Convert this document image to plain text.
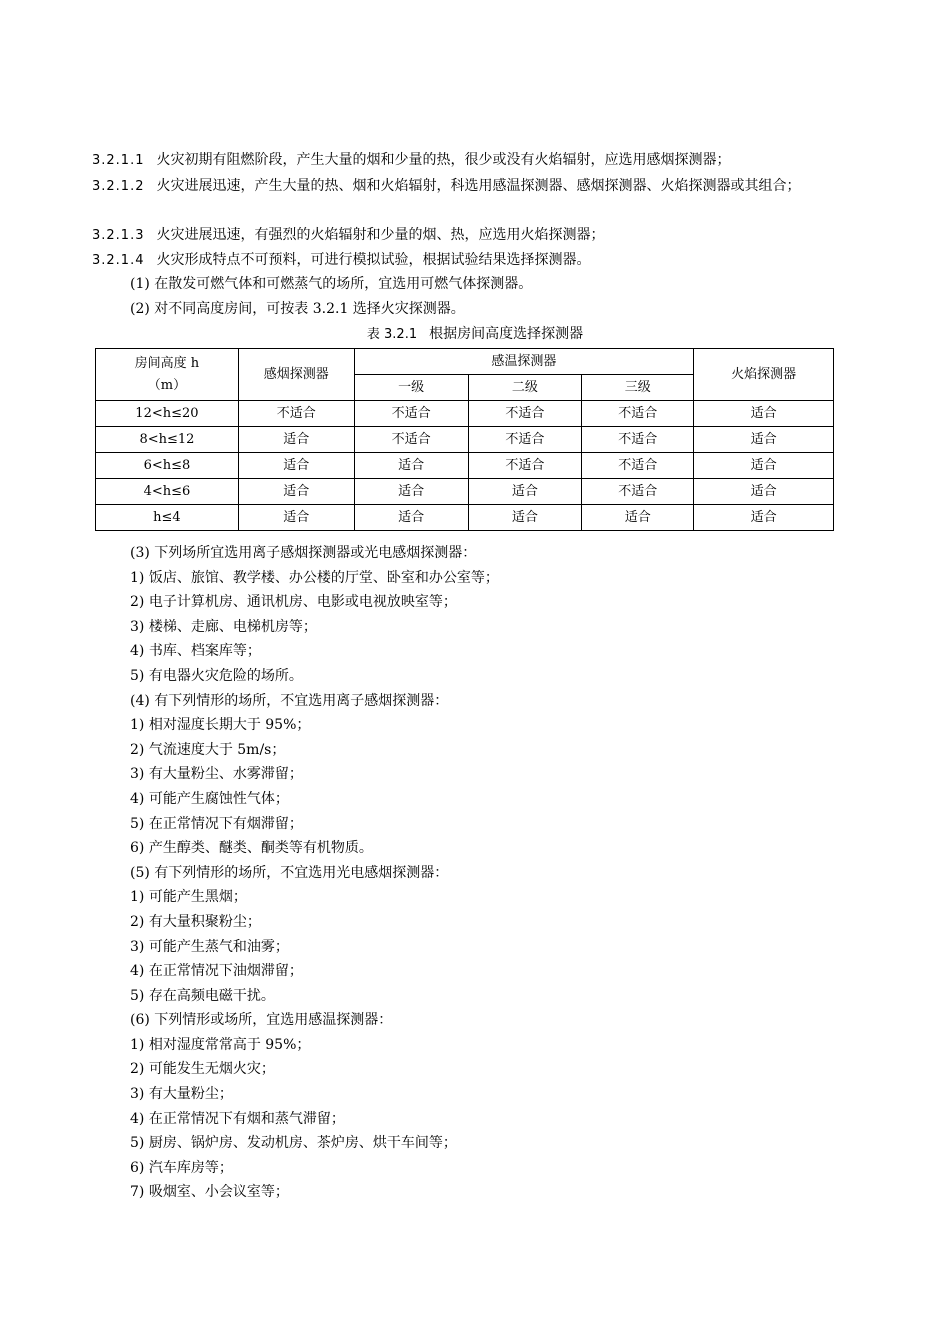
3.2.1.1 火灾初期有阻燃阶段，产生大量的烟和少量的热，很少或没有火焰辐射，应选用感烟探测器；
3.2.1.2 火灾进展迅速，产生大量的热、烟和火焰辐射，科选用感温探测器、感烟探测器、火焰探测器或其组合；
3.2.1.3 火灾进展迅速，有强烈的火焰辐射和少量的烟、热，应选用火焰探测器；
3.2.1.4 火灾形成特点不可预料，可进行模拟试验，根据试验结果选择探测器。
(1) 在散发可燃气体和可燃蒸气的场所，宜选用可燃气体探测器。
(2) 对不同高度房间，可按表 3.2.1 选择火灾探测器。
表 3.2.1 根据房间高度选择探测器
房间高度 h
（m）	感烟探测器	感温探测器			火焰探测器
		一级	二级	三级	
12<h≤20	不适合	不适合	不适合	不适合	适合
8<h≤12	适合	不适合	不适合	不适合	适合
6<h≤8	适合	适合	不适合	不适合	适合
4<h≤6	适合	适合	适合	不适合	适合
h≤4	适合	适合	适合	适合	适合
(3) 下列场所宜选用离子感烟探测器或光电感烟探测器：
1) 饭店、旅馆、教学楼、办公楼的厅堂、卧室和办公室等；
2) 电子计算机房、通讯机房、电影或电视放映室等；
3) 楼梯、走廊、电梯机房等；
4) 书库、档案库等；
5) 有电器火灾危险的场所。
(4) 有下列情形的场所，不宜选用离子感烟探测器：
1) 相对湿度长期大于 95%；
2) 气流速度大于 5m/s；
3) 有大量粉尘、水雾滞留；
4) 可能产生腐蚀性气体；
5) 在正常情况下有烟滞留；
6) 产生醇类、醚类、酮类等有机物质。
(5) 有下列情形的场所，不宜选用光电感烟探测器：
1) 可能产生黑烟；
2) 有大量积聚粉尘；
3) 可能产生蒸气和油雾；
4) 在正常情况下油烟滞留；
5) 存在高频电磁干扰。
(6) 下列情形或场所，宜选用感温探测器：
1) 相对湿度常常高于 95%；
2) 可能发生无烟火灾；
3) 有大量粉尘；
4) 在正常情况下有烟和蒸气滞留；
5) 厨房、锅炉房、发动机房、茶炉房、烘干车间等；
6) 汽车库房等；
7) 吸烟室、小会议室等；
